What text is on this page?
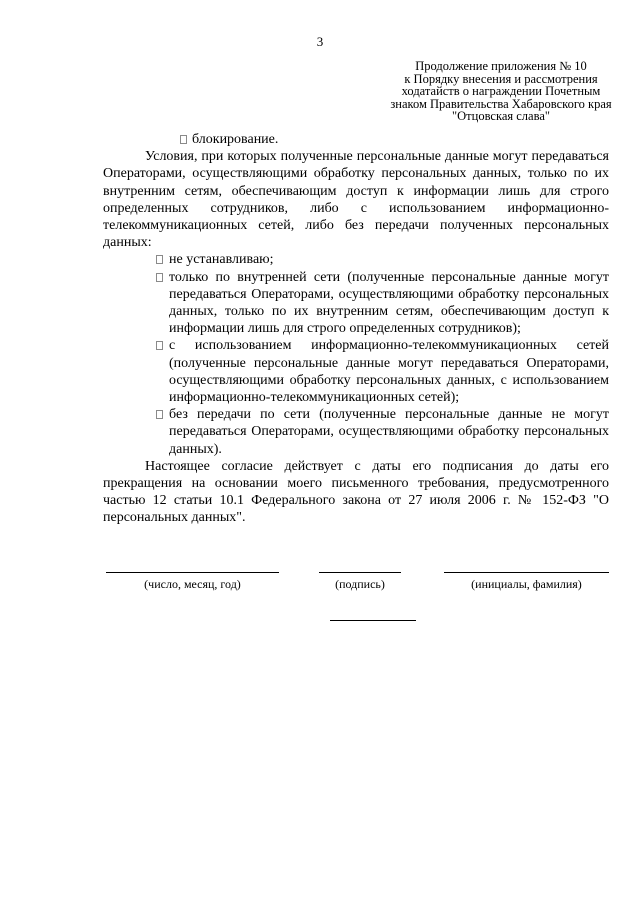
3
Продолжение приложения № 10
к Порядку внесения и рассмотрения
ходатайств о награждении Почетным
знаком Правительства Хабаровского края
"Отцовская слава"

блокирование.

Условия, при которых полученные персональные данные могут передаваться Операторами, осуществляющими обработку персональных данных, только по их внутренним сетям, обеспечивающим доступ к информации лишь для строго определенных сотрудников, либо с использованием информационно-телекоммуникационных сетей, либо без передачи полученных персональных данных:

не устанавливаю;
только по внутренней сети (полученные персональные данные могут передаваться Операторами, осуществляющими обработку персональных данных, только по их внутренним сетям, обеспечивающим доступ к информации лишь для строго определенных сотрудников);
с использованием информационно-телекоммуникационных сетей (полученные персональные данные могут передаваться Операторами, осуществляющими обработку персональных данных, с использованием информационно-телекоммуникационных сетей);
без передачи по сети (полученные персональные данные не могут передаваться Операторами, осуществляющими обработку персональных данных).

Настоящее согласие действует с даты его подписания до даты его прекращения на основании моего письменного требования, предусмотренного частью 12 статьи 10.1 Федерального закона от 27 июля 2006 г. № 152-ФЗ "О персональных данных".

(число, месяц, год)	(подпись)	(инициалы, фамилия)
